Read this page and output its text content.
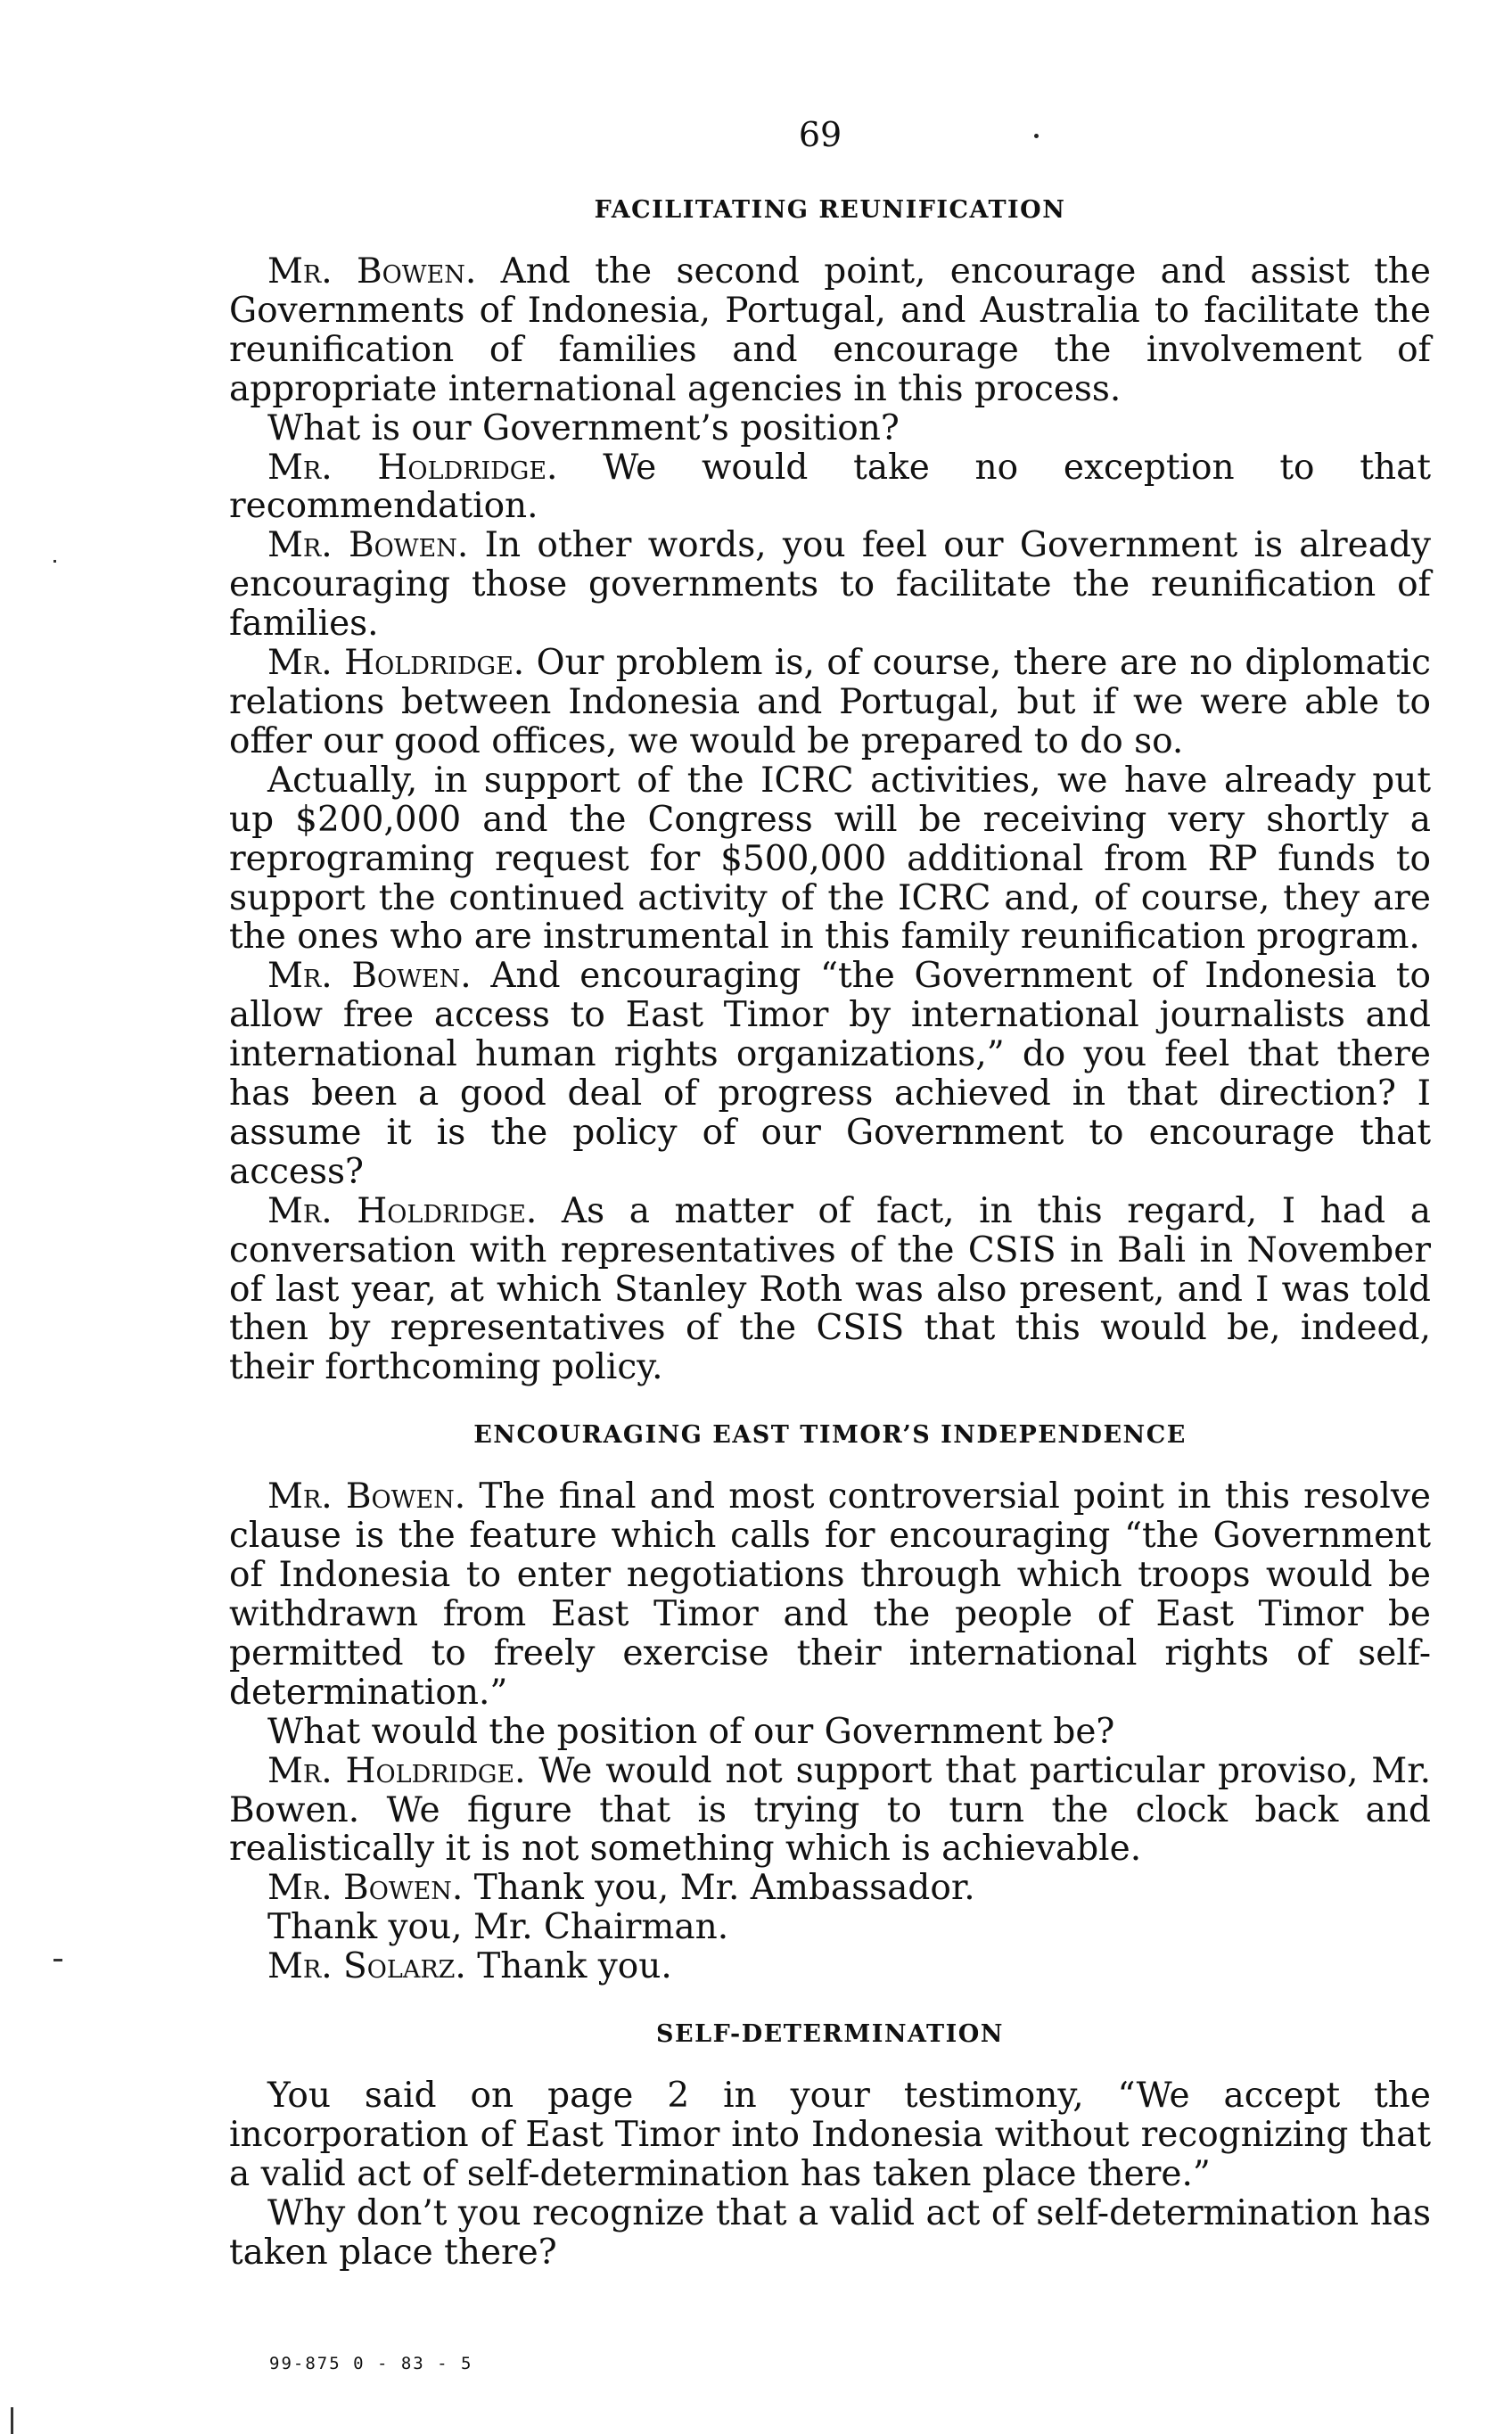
69
FACILITATING REUNIFICATION

Mr. Bowen. And the second point, encourage and assist the Governments of Indonesia, Portugal, and Australia to facilitate the reunification of families and encourage the involvement of appropriate international agencies in this process.

What is our Government’s position?

Mr. Holdridge. We would take no exception to that recommendation.

Mr. Bowen. In other words, you feel our Government is already encouraging those governments to facilitate the reunification of families.

Mr. Holdridge. Our problem is, of course, there are no diplomatic relations between Indonesia and Portugal, but if we were able to offer our good offices, we would be prepared to do so.

Actually, in support of the ICRC activities, we have already put up $200,000 and the Congress will be receiving very shortly a reprograming request for $500,000 additional from RP funds to support the continued activity of the ICRC and, of course, they are the ones who are instrumental in this family reunification program.

Mr. Bowen. And encouraging “the Government of Indonesia to allow free access to East Timor by international journalists and international human rights organizations,” do you feel that there has been a good deal of progress achieved in that direction? I assume it is the policy of our Government to encourage that access?

Mr. Holdridge. As a matter of fact, in this regard, I had a conversation with representatives of the CSIS in Bali in November of last year, at which Stanley Roth was also present, and I was told then by representatives of the CSIS that this would be, indeed, their forthcoming policy.

ENCOURAGING EAST TIMOR’S INDEPENDENCE

Mr. Bowen. The final and most controversial point in this resolve clause is the feature which calls for encouraging “the Government of Indonesia to enter negotiations through which troops would be withdrawn from East Timor and the people of East Timor be permitted to freely exercise their international rights of self-determination.”

What would the position of our Government be?

Mr. Holdridge. We would not support that particular proviso, Mr. Bowen. We figure that is trying to turn the clock back and realistically it is not something which is achievable.

Mr. Bowen. Thank you, Mr. Ambassador.

Thank you, Mr. Chairman.

Mr. Solarz. Thank you.

SELF-DETERMINATION

You said on page 2 in your testimony, “We accept the incorporation of East Timor into Indonesia without recognizing that a valid act of self-determination has taken place there.”

Why don’t you recognize that a valid act of self-determination has taken place there?

99-875 0 - 83 - 5
